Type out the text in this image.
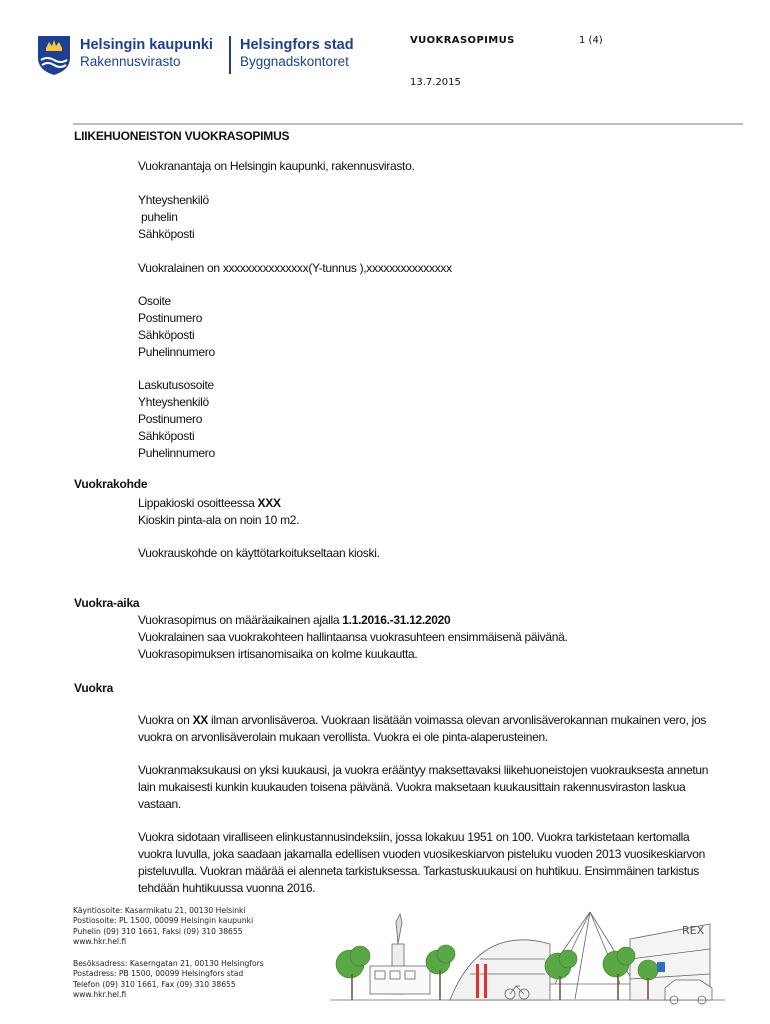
Helsingin kaupunki
Rakennusvirasto
Helsingfors stad
Byggnadskontoret
VUOKRASOPIMUS	1 (4)
13.7.2015
LIIKEHUONEISTON VUOKRASOPIMUS
Vuokranantaja on Helsingin kaupunki, rakennusvirasto.
Yhteyshenkilö
puhelin
Sähköposti
Vuokralainen on xxxxxxxxxxxxxxx(Y-tunnus ),xxxxxxxxxxxxxxx
Osoite
Postinumero
Sähköposti
Puhelinnumero
Laskutusosoite
Yhteyshenkilö
Postinumero
Sähköposti
Puhelinnumero
Vuokrakohde
Lippakioski osoitteessa XXX
Kioskin pinta-ala on noin 10 m2.
Vuokrauskohde on käyttötarkoitukseltaan kioski.
Vuokra-aika
Vuokrasopimus on määräaikainen ajalla 1.1.2016.-31.12.2020
Vuokralainen saa vuokrakohteen hallintaansa vuokrasuhteen ensimmäisenä päivänä.
Vuokrasopimuksen irtisanomisaika on kolme kuukautta.
Vuokra
Vuokra on XX ilman arvonlisäveroa. Vuokraan lisätään voimassa olevan arvonlisäverokannan mukainen vero, jos vuokra on arvonlisäverolain mukaan verollista. Vuokra ei ole pinta-alaperusteinen.
Vuokranmaksukausi on yksi kuukausi, ja vuokra erääntyy maksettavaksi liikehuoneistojen vuokrauksesta annetun lain mukaisesti kunkin kuukauden toisena päivänä. Vuokra maksetaan kuukausittain rakennusviraston laskua vastaan.
Vuokra sidotaan viralliseen elinkustannusindeksiin, jossa lokakuu 1951 on 100. Vuokra tarkistetaan kertomalla vuokra luvulla, joka saadaan jakamalla edellisen vuoden vuosikeskiarvon pisteluku vuoden 2013 vuosikeskiarvon pisteluvulla. Vuokran määrää ei alenneta tarkistuksessa. Tarkastuskuukausi on huhtikuu. Ensimmäinen tarkistus tehdään huhtikuussa vuonna 2016.
Käyntiosoite: Kasarmikatu 21, 00130 Helsinki
Postiosoite: PL 1500, 00099 Helsingin kaupunki
Puhelin (09) 310 1661, Faksi (09) 310 38655
www.hkr.hel.fi
Besöksadress: Kaserngatan 21, 00130 Helsingfors
Postadress: PB 1500, 00099 Helsingfors stad
Telefon (09) 310 1661, Fax (09) 310 38655
www.hkr.hel.fi
REX
